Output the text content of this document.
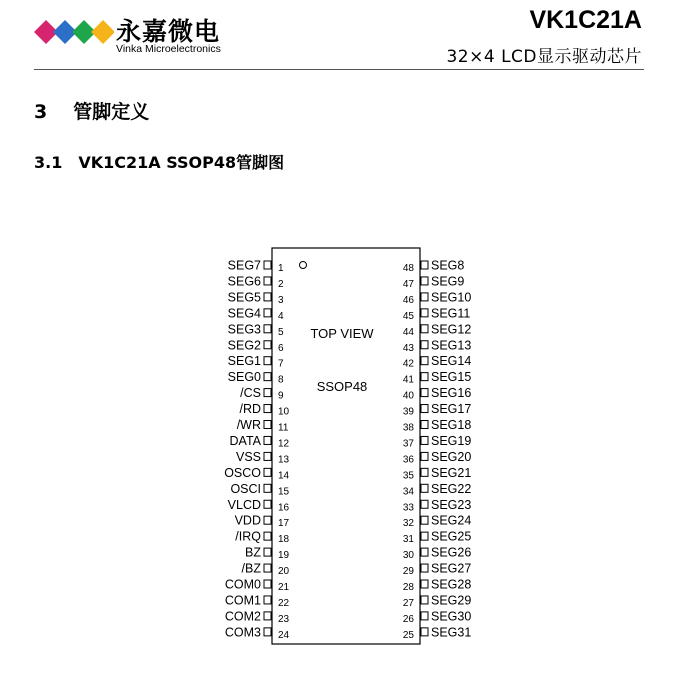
永嘉微电
Vinka Microelectronics
VK1C21A
32×4 LCD显示驱动芯片
3 管脚定义
3.1 VK1C21A SSOP48管脚图
TOP VIEW
SSOP48
SEG7 1
SEG6 2
SEG5 3
SEG4 4
SEG3 5
SEG2 6
SEG1 7
SEG0 8
/CS 9
/RD 10
/WR 11
DATA 12
VSS 13
OSCO 14
OSCI 15
VLCD 16
VDD 17
/IRQ 18
BZ 19
/BZ 20
COM0 21
COM1 22
COM2 23
COM3 24
SEG8
48
SEG9
47
SEG10
46
SEG11
45
SEG12
44
SEG13
43
SEG14
42
SEG15
41
SEG16
40
SEG17
39
SEG18
38
SEG19
37
SEG20
36
SEG21
35
SEG22
34
SEG23
33
SEG24
32
SEG25
31
SEG26
30
SEG27
29
SEG28
28
SEG29
27
SEG30
26
SEG31
25
